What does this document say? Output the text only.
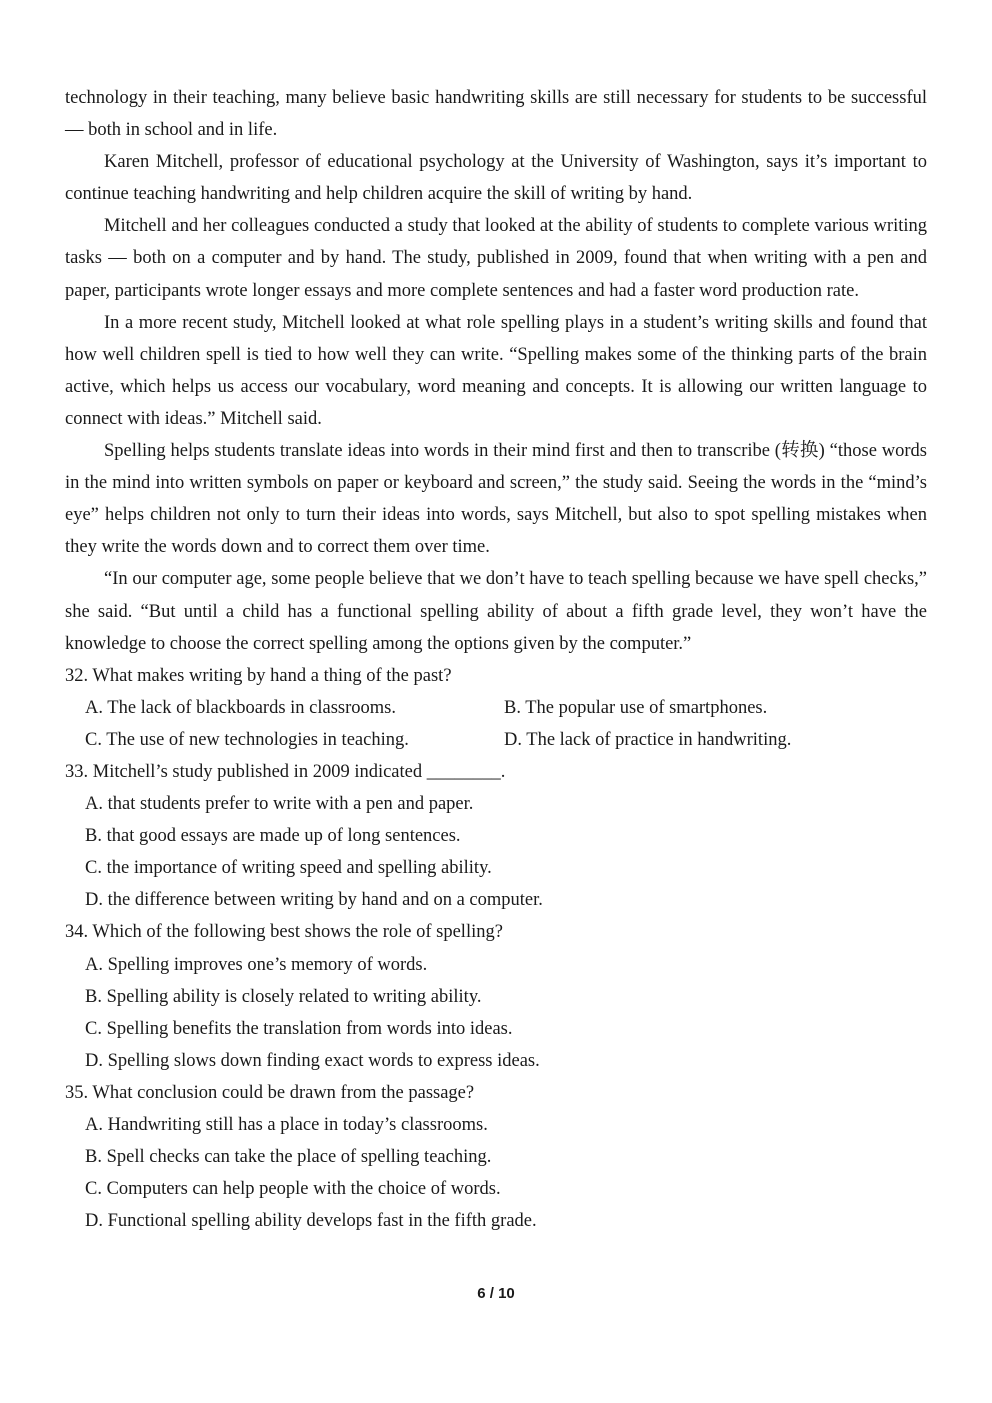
technology in their teaching, many believe basic handwriting skills are still necessary for students to be successful — both in school and in life.

Karen Mitchell, professor of educational psychology at the University of Washington, says it’s important to continue teaching handwriting and help children acquire the skill of writing by hand.

Mitchell and her colleagues conducted a study that looked at the ability of students to complete various writing tasks — both on a computer and by hand. The study, published in 2009, found that when writing with a pen and paper, participants wrote longer essays and more complete sentences and had a faster word production rate.

In a more recent study, Mitchell looked at what role spelling plays in a student’s writing skills and found that how well children spell is tied to how well they can write. “Spelling makes some of the thinking parts of the brain active, which helps us access our vocabulary, word meaning and concepts. It is allowing our written language to connect with ideas.” Mitchell said.

Spelling helps students translate ideas into words in their mind first and then to transcribe (转换) “those words in the mind into written symbols on paper or keyboard and screen,” the study said. Seeing the words in the “mind’s eye” helps children not only to turn their ideas into words, says Mitchell, but also to spot spelling mistakes when they write the words down and to correct them over time.

“In our computer age, some people believe that we don’t have to teach spelling because we have spell checks,” she said. “But until a child has a functional spelling ability of about a fifth grade level, they won’t have the knowledge to choose the correct spelling among the options given by the computer.”

32. What makes writing by hand a thing of the past?

A. The lack of blackboards in classrooms.	B. The popular use of smartphones.

C. The use of new technologies in teaching.	D. The lack of practice in handwriting.

33. Mitchell’s study published in 2009 indicated ________.

A. that students prefer to write with a pen and paper.

B. that good essays are made up of long sentences.

C. the importance of writing speed and spelling ability.

D. the difference between writing by hand and on a computer.

34. Which of the following best shows the role of spelling?

A. Spelling improves one’s memory of words.

B. Spelling ability is closely related to writing ability.

C. Spelling benefits the translation from words into ideas.

D. Spelling slows down finding exact words to express ideas.

35. What conclusion could be drawn from the passage?

A. Handwriting still has a place in today’s classrooms.

B. Spell checks can take the place of spelling teaching.

C. Computers can help people with the choice of words.

D. Functional spelling ability develops fast in the fifth grade.

6 / 10
